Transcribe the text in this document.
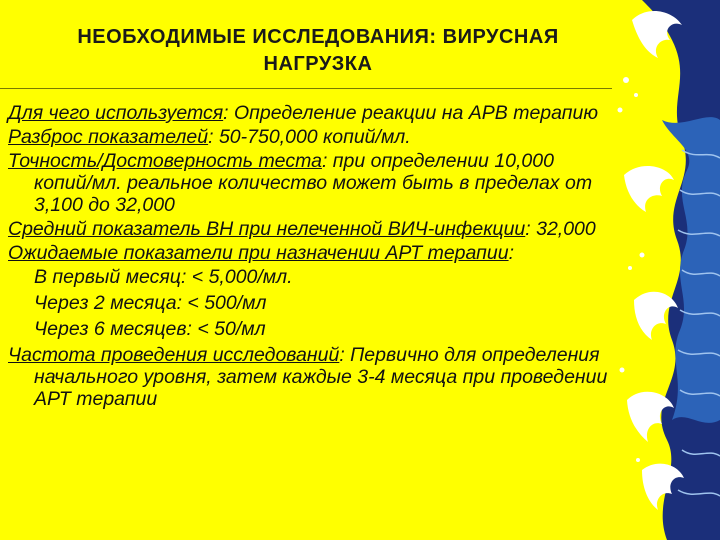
НЕОБХОДИМЫЕ ИССЛЕДОВАНИЯ: ВИРУСНАЯ
НАГРУЗКА

Для чего используется: Определение реакции на АРВ терапию

Разброс показателей: 50-750,000 копий/мл.

Точность/Достоверность теста: при определении 10,000 копий/мл. реальное количество может быть в пределах от 3,100 до 32,000

Средний показатель ВН при нелеченной ВИЧ-инфекции: 32,000

Ожидаемые показатели при назначении АРТ терапии:

В первый месяц: < 5,000/мл.

Через 2 месяца: < 500/мл

Через 6 месяцев: < 50/мл

Частота проведения исследований: Первично для определения начального уровня, затем каждые 3-4 месяца при проведении АРТ терапии
